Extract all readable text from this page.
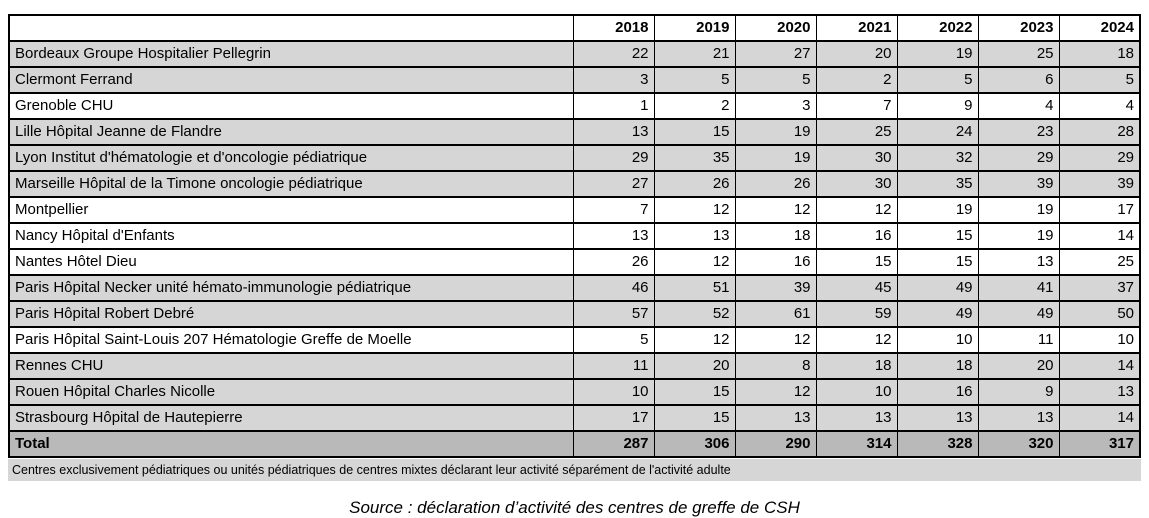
	2018	2019	2020	2021	2022	2023	2024
Bordeaux Groupe Hospitalier Pellegrin	22	21	27	20	19	25	18
Clermont Ferrand	3	5	5	2	5	6	5
Grenoble CHU	1	2	3	7	9	4	4
Lille Hôpital Jeanne de Flandre	13	15	19	25	24	23	28
Lyon Institut d'hématologie et d'oncologie pédiatrique	29	35	19	30	32	29	29
Marseille Hôpital de la Timone oncologie pédiatrique	27	26	26	30	35	39	39
Montpellier	7	12	12	12	19	19	17
Nancy Hôpital d'Enfants	13	13	18	16	15	19	14
Nantes Hôtel Dieu	26	12	16	15	15	13	25
Paris Hôpital Necker unité hémato-immunologie pédiatrique	46	51	39	45	49	41	37
Paris Hôpital Robert Debré	57	52	61	59	49	49	50
Paris Hôpital Saint-Louis 207 Hématologie Greffe de Moelle	5	12	12	12	10	11	10
Rennes CHU	11	20	8	18	18	20	14
Rouen Hôpital Charles Nicolle	10	15	12	10	16	9	13
Strasbourg Hôpital de Hautepierre	17	15	13	13	13	13	14
Total	287	306	290	314	328	320	317
Centres exclusivement pédiatriques ou unités pédiatriques de centres mixtes déclarant leur activité séparément de l'activité adulte
Source : déclaration d’activité des centres de greffe de CSH
